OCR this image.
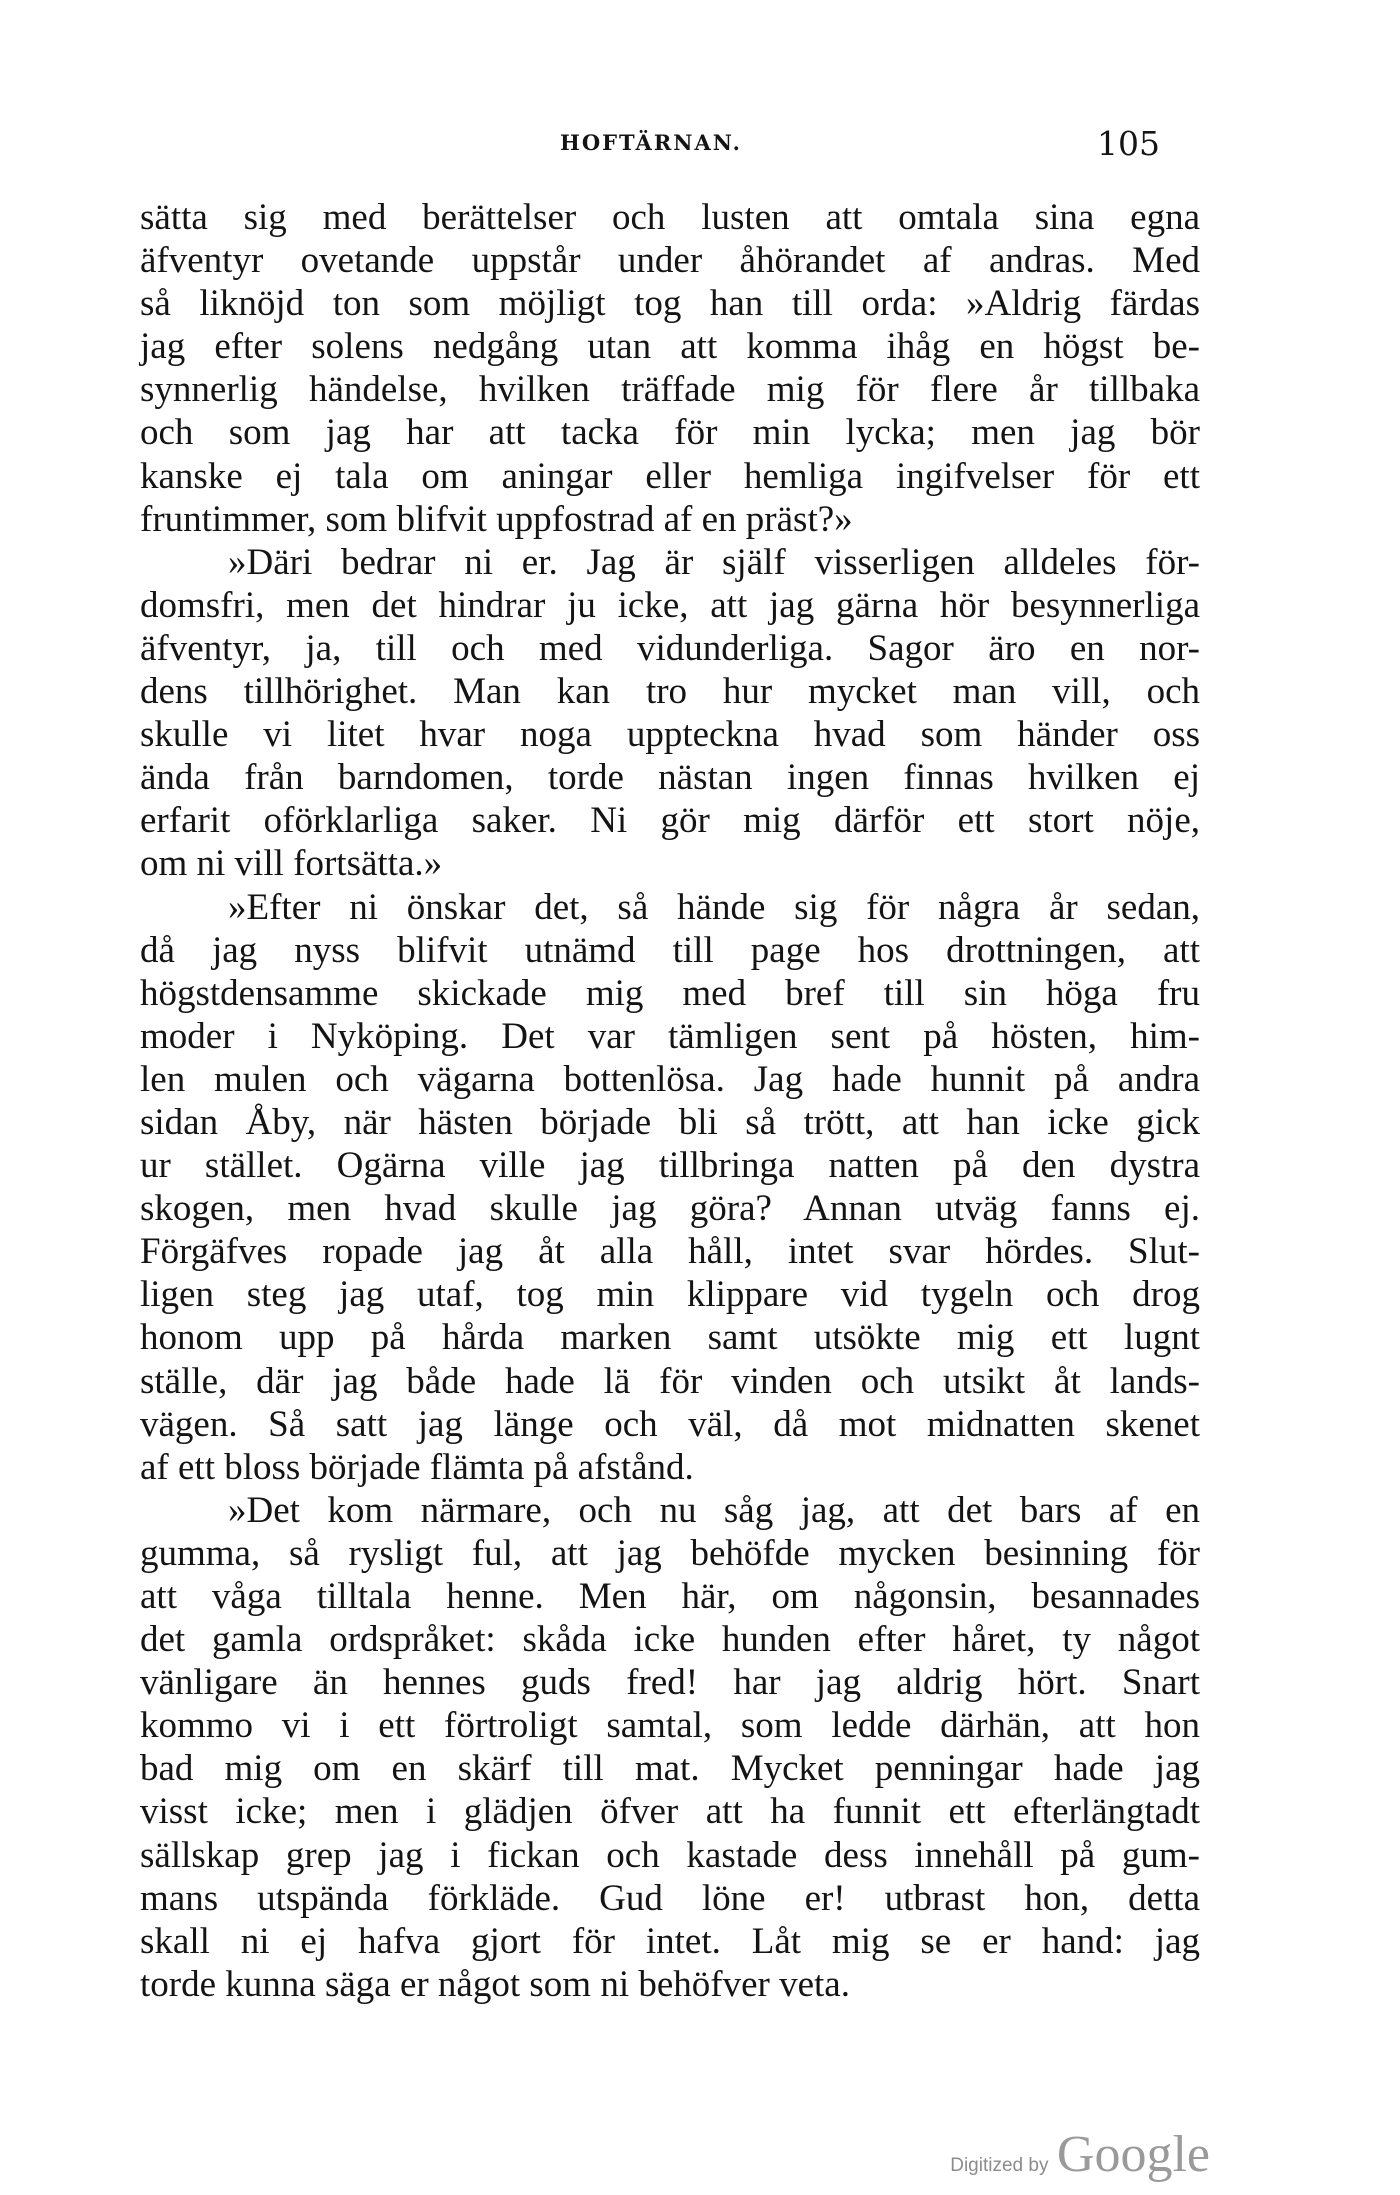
HOFTÄRNAN.	105
sätta sig med berättelser och lusten att omtala sina egna
äfventyr ovetande uppstår under åhörandet af andras. Med
så liknöjd ton som möjligt tog han till orda: »Aldrig färdas
jag efter solens nedgång utan att komma ihåg en högst be-
synnerlig händelse, hvilken träffade mig för flere år tillbaka
och som jag har att tacka för min lycka; men jag bör
kanske ej tala om aningar eller hemliga ingifvelser för ett
fruntimmer, som blifvit uppfostrad af en präst?»
»Däri bedrar ni er. Jag är själf visserligen alldeles för-
domsfri, men det hindrar ju icke, att jag gärna hör besynnerliga
äfventyr, ja, till och med vidunderliga. Sagor äro en nor-
dens tillhörighet. Man kan tro hur mycket man vill, och
skulle vi litet hvar noga uppteckna hvad som händer oss
ända från barndomen, torde nästan ingen finnas hvilken ej
erfarit oförklarliga saker. Ni gör mig därför ett stort nöje,
om ni vill fortsätta.»
»Efter ni önskar det, så hände sig för några år sedan,
då jag nyss blifvit utnämd till page hos drottningen, att
högstdensamme skickade mig med bref till sin höga fru
moder i Nyköping. Det var tämligen sent på hösten, him-
len mulen och vägarna bottenlösa. Jag hade hunnit på andra
sidan Åby, när hästen började bli så trött, att han icke gick
ur stället. Ogärna ville jag tillbringa natten på den dystra
skogen, men hvad skulle jag göra? Annan utväg fanns ej.
Förgäfves ropade jag åt alla håll, intet svar hördes. Slut-
ligen steg jag utaf, tog min klippare vid tygeln och drog
honom upp på hårda marken samt utsökte mig ett lugnt
ställe, där jag både hade lä för vinden och utsikt åt lands-
vägen. Så satt jag länge och väl, då mot midnatten skenet
af ett bloss började flämta på afstånd.
»Det kom närmare, och nu såg jag, att det bars af en
gumma, så rysligt ful, att jag behöfde mycken besinning för
att våga tilltala henne. Men här, om någonsin, besannades
det gamla ordspråket: skåda icke hunden efter håret, ty något
vänligare än hennes guds fred! har jag aldrig hört. Snart
kommo vi i ett förtroligt samtal, som ledde därhän, att hon
bad mig om en skärf till mat. Mycket penningar hade jag
visst icke; men i glädjen öfver att ha funnit ett efterlängtadt
sällskap grep jag i fickan och kastade dess innehåll på gum-
mans utspända förkläde. Gud löne er! utbrast hon, detta
skall ni ej hafva gjort för intet. Låt mig se er hand: jag
torde kunna säga er något som ni behöfver veta.
Digitized by Google
